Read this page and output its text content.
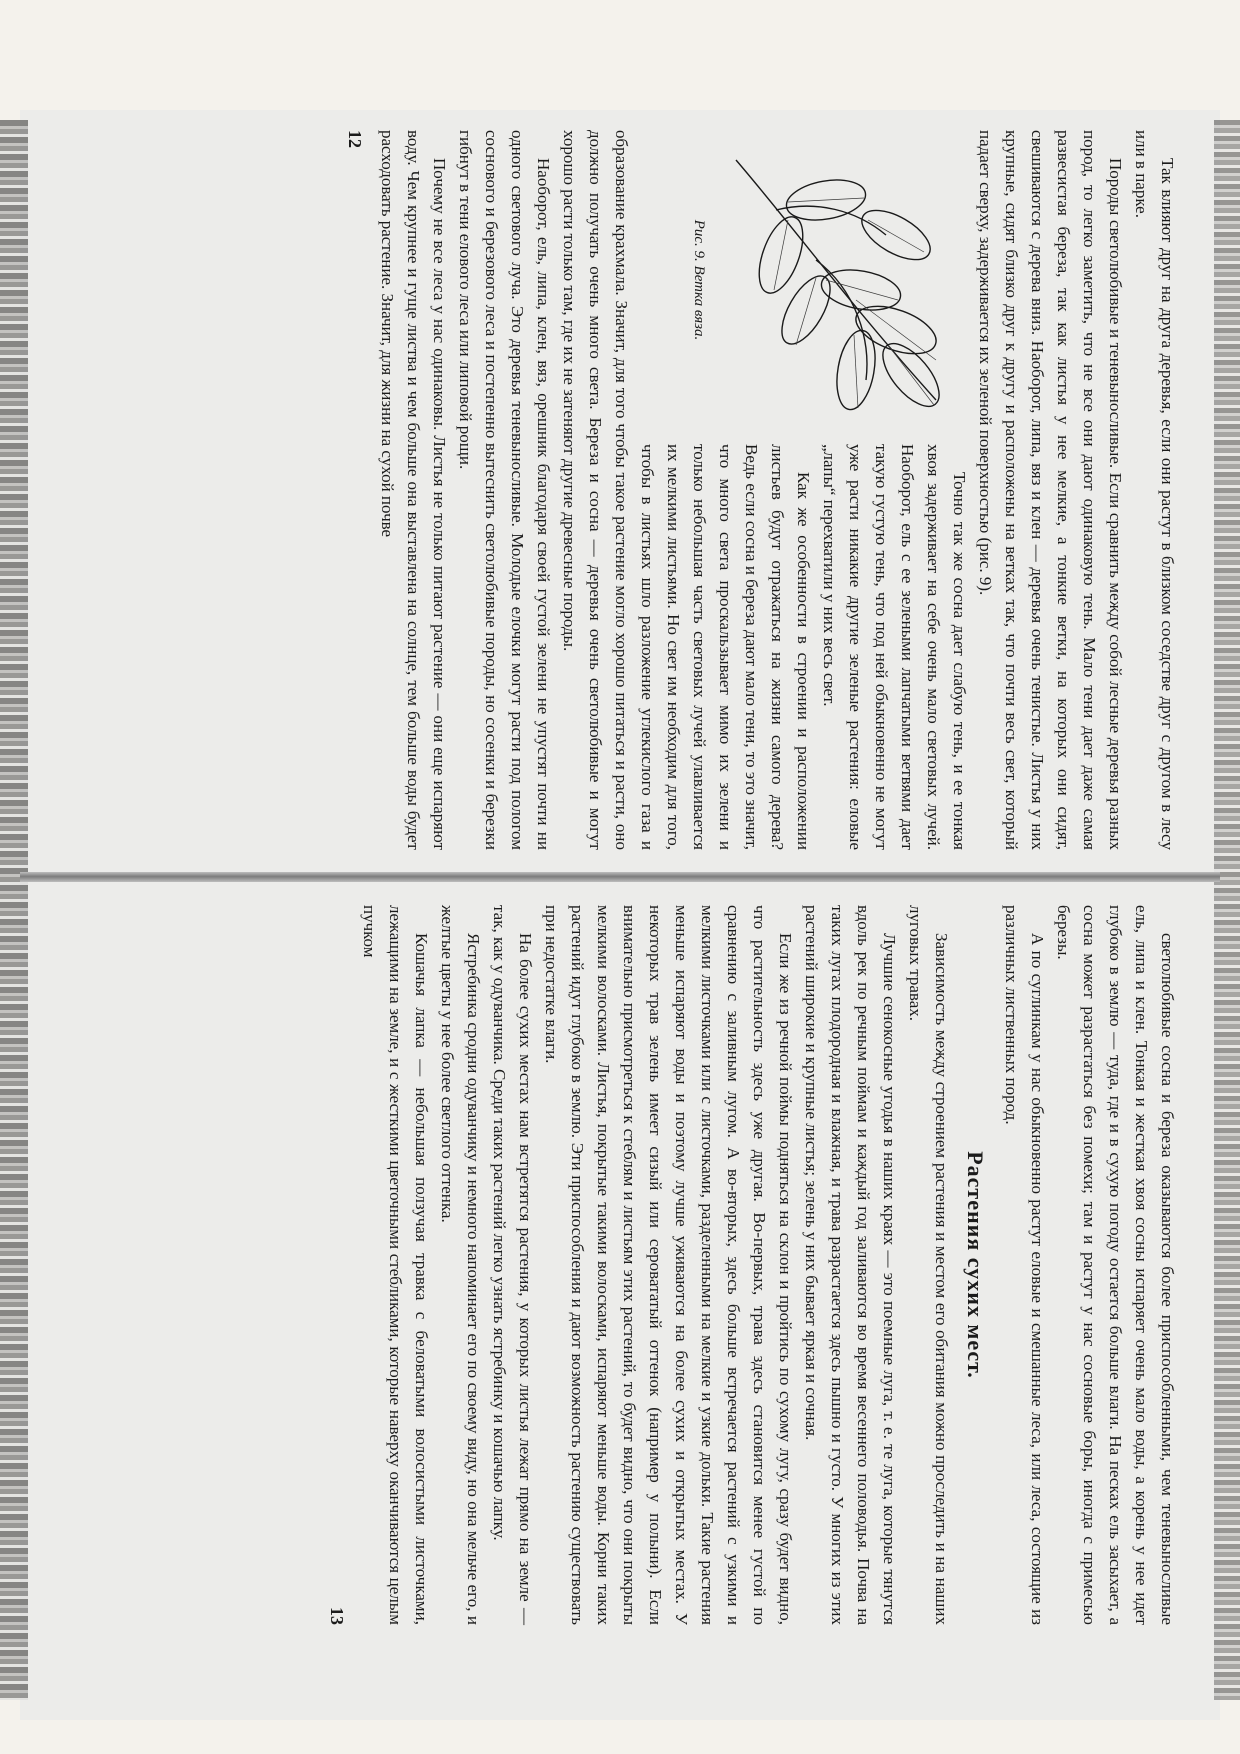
Так влияют друг на друга деревья, если они растут в близком соседстве друг с другом в лесу или в парке.

Породы светолюбивые и теневыносливые. Если сравнить между собой лесные деревья разных пород, то легко заметить, что не все они дают одинаковую тень. Мало тени дает даже самая развесистая береза, так как листья у нее мелкие, а тонкие ветки, на которых они сидят, свешиваются с дерева вниз. Наоборот, липа, вяз и клен — деревья очень тенистые. Листья у них крупные, сидят близко друг к другу и расположены на ветках так, что почти весь свет, который падает сверху, задерживается их зеленой поверхностью (рис. 9).

Рис. 9. Ветка вяза.

Точно так же сосна дает слабую тень, и ее тонкая хвоя задерживает на себе очень мало световых лучей. Наоборот, ель с ее зелеными лапчатыми ветвями дает такую густую тень, что под ней обыкновенно не могут уже расти никакие другие зеленые растения: еловые „лапы“ перехватили у них весь свет.

Как же особенности в строении и расположении листьев будут отражаться на жизни самого дерева? Ведь если сосна и береза дают мало тени, то это значит, что много света проскальзывает мимо их зелени и только небольшая часть световых лучей улавливается их мелкими листьями. Но свет им необходим для того, чтобы в листьях шло разложение углекислого газа и образование крахмала. Значит, для того чтобы такое растение могло хорошо питаться и расти, оно должно получать очень много света. Береза и сосна — деревья очень светолюбивые и могут хорошо расти только там, где их не затеняют другие древесные породы.

Наоборот, ель, липа, клен, вяз, орешник благодаря своей густой зелени не упустят почти ни одного светового луча. Это деревья теневыносливые. Молодые елочки могут расти под пологом соснового и березового леса и постепенно вытеснить светолюбивые породы, но сосенки и березки гибнут в тени елового леса или липовой рощи.

Почему не все леса у нас одинаковы. Листья не только питают растение — они еще испаряют воду. Чем крупнее и гуще листва и чем больше она выставлена на солнце, тем больше воды будет расходовать растение. Значит, для жизни на сухой почве

12

светолюбивые сосна и береза оказываются более приспособленными, чем теневыносливые ель, липа и клен. Тонкая и жесткая хвоя сосны испаряет очень мало воды, а корень у нее идет глубоко в землю — туда, где и в сухую погоду остается больше влаги. На песках ель засыхает, а сосна может разрастаться без помехи; там и растут у нас сосновые боры, иногда с примесью березы.

А по суглинкам у нас обыкновенно растут еловые и смешанные леса, или леса, состоящие из различных лиственных пород.

Растения сухих мест.

Зависимость между строением растения и местом его обитания можно проследить и на наших луговых травах.

Лучшие сенокосные угодья в наших краях — это поемные луга, т. е. те луга, которые тянутся вдоль рек по речным поймам и каждый год заливаются во время весеннего половодья. Почва на таких лугах плодородная и влажная, и трава разрастается здесь пышно и густо. У многих из этих растений широкие и крупные листья; зелень у них бывает яркая и сочная.

Если же из речной поймы подняться на склон и пройтись по сухому лугу, сразу будет видно, что растительность здесь уже другая. Во-первых, трава здесь становится менее густой по сравнению с заливным лугом. А во-вторых, здесь больше встречается растений с узкими и мелкими листочками или с листочками, разделенными на мелкие и узкие дольки. Такие растения меньше испаряют воды и поэтому лучше уживаются на более сухих и открытых местах. У некоторых трав зелень имеет сизый или серовататый оттенок (например у полыни). Если внимательно присмотреться к стеблям и листьям этих растений, то будет видно, что они покрыты мелкими волосками. Листья, покрытые такими волосками, испаряют меньше воды. Корни таких растений идут глубоко в землю. Эти приспособления и дают возможность растению существовать при недостатке влаги.

На более сухих местах нам встретятся растения, у которых листья лежат прямо на земле — так, как у одуванчика. Среди таких растений легко узнать ястребинку и кошачью лапку.

Ястребинка сродни одуванчику и немного напоминает его по своему виду, но она мельче его, и желтые цветы у нее более светлого оттенка.

Кошачья лапка — небольшая ползучая травка с беловатыми волосистыми листочками, лежащими на земле, и с жесткими цветочными стебликами, которые наверху оканчиваются целым пучком

13
